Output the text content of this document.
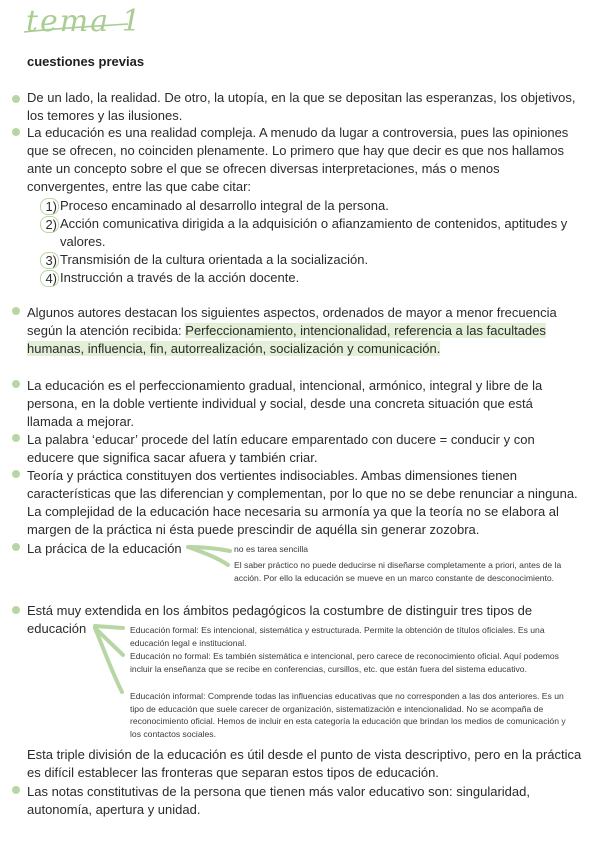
tema 1
cuestiones previas
De un lado, la realidad. De otro, la utopía, en la que se depositan las esperanzas, los objetivos, los temores y las ilusiones.
La educación es una realidad compleja. A menudo da lugar a controversia, pues las opiniones que se ofrecen, no coinciden plenamente. Lo primero que hay que decir es que nos hallamos ante un concepto sobre el que se ofrecen diversas interpretaciones, más o menos convergentes, entre las que cabe citar:
1) Proceso encaminado al desarrollo integral de la persona.
2) Acción comunicativa dirigida a la adquisición o afianzamiento de contenidos, aptitudes y valores.
3) Transmisión de la cultura orientada a la socialización.
4) Instrucción a través de la acción docente.
Algunos autores destacan los siguientes aspectos, ordenados de mayor a menor frecuencia según la atención recibida: Perfeccionamiento, intencionalidad, referencia a las facultades humanas, influencia, fin, autorrealización, socialización y comunicación.
La educación es el perfeccionamiento gradual, intencional, armónico, integral y libre de la persona, en la doble vertiente individual y social, desde una concreta situación que está llamada a mejorar.
La palabra ‘educar’ procede del latín educare emparentado con ducere = conducir y con educere que significa sacar afuera y también criar.
Teoría y práctica constituyen dos vertientes indisociables. Ambas dimensiones tienen características que las diferencian y complementan, por lo que no se debe renunciar a ninguna. La complejidad de la educación hace necesaria su armonía ya que la teoría no se elabora al margen de la práctica ni ésta puede prescindir de aquélla sin generar zozobra.
La prácica de la educación	no es tarea sencilla
El saber práctico no puede deducirse ni diseñarse completamente a priori, antes de la acción. Por ello la educación se mueve en un marco constante de desconocimiento.
Está muy extendida en los ámbitos pedagógicos la costumbre de distinguir tres tipos de
educación	Educación formal: Es intencional, sistemática y estructurada. Permite la obtención de títulos oficiales. Es una educación legal e institucional.
Educación no formal: Es también sistemática e intencional, pero carece de reconocimiento oficial. Aquí podemos incluir la enseñanza que se recibe en conferencias, cursillos, etc. que están fuera del sistema educativo.
Educación informal: Comprende todas las influencias educativas que no corresponden a las dos anteriores. Es un tipo de educación que suele carecer de organización, sistematización e intencionalidad. No se acompaña de reconocimiento oficial. Hemos de incluir en esta categoría la educación que brindan los medios de comunicación y los contactos sociales.
Esta triple división de la educación es útil desde el punto de vista descriptivo, pero en la práctica es difícil establecer las fronteras que separan estos tipos de educación.
Las notas constitutivas de la persona que tienen más valor educativo son: singularidad, autonomía, apertura y unidad.
